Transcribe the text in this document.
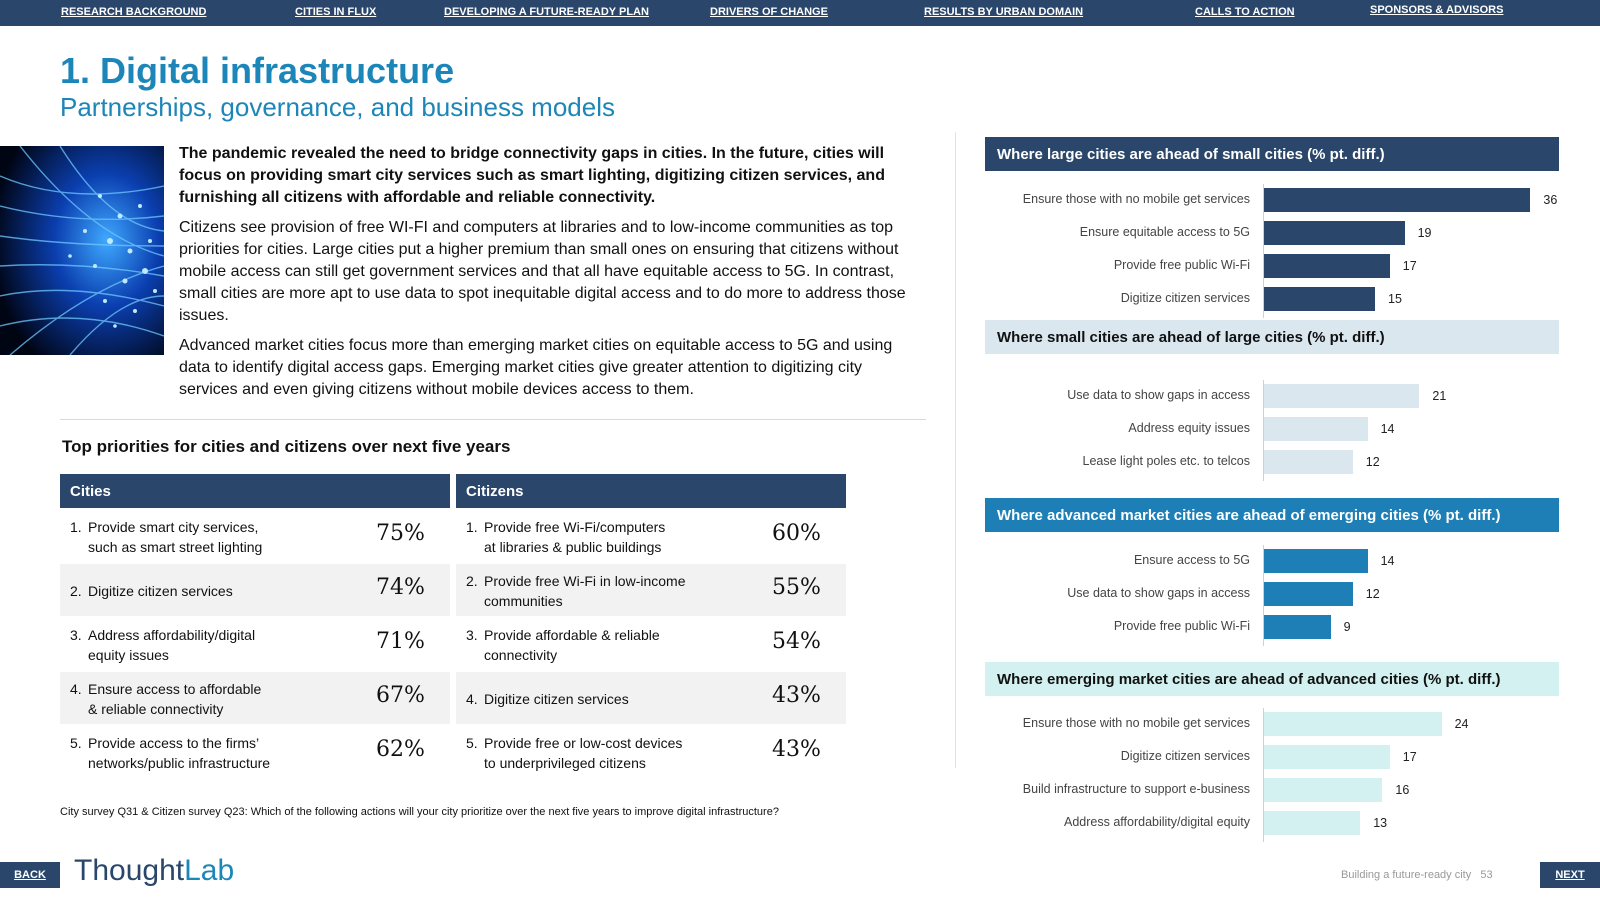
RESEARCH BACKGROUND	CITIES IN FLUX	DEVELOPING A FUTURE-READY PLAN	DRIVERS OF CHANGE	RESULTS BY URBAN DOMAIN	CALLS TO ACTION	SPONSORS & ADVISORS
1. Digital infrastructure
Partnerships, governance, and business models

The pandemic revealed the need to bridge connectivity gaps in cities. In the future, cities will focus on providing smart city services such as smart lighting, digitizing citizen services, and furnishing all citizens with affordable and reliable connectivity.

Citizens see provision of free WI-FI and computers at libraries and to low-income communities as top priorities for cities. Large cities put a higher premium than small ones on ensuring that citizens without mobile access can still get government services and that all have equitable access to 5G. In contrast, small cities are more apt to use data to spot inequitable digital access and to do more to address those issues.

Advanced market cities focus more than emerging market cities on equitable access to 5G and using data to identify digital access gaps. Emerging market cities give greater attention to digitizing city services and even giving citizens without mobile devices access to them.

Top priorities for cities and citizens over next five years
Cities
1. Provide smart city services,
such as smart street lighting
75%
2. Digitize citizen services	74%
3. Address affordability/digital
equity issues
71%
4. Ensure access to affordable
& reliable connectivity
67%
5. Provide access to the firms’
networks/public infrastructure
62%
Citizens
1. Provide free Wi-Fi/computers
at libraries & public buildings
60%
2. Provide free Wi-Fi in low-income
communities
55%
3. Provide affordable & reliable
connectivity
54%
4. Digitize citizen services	43%
5. Provide free or low-cost devices
to underprivileged citizens
43%
City survey Q31 & Citizen survey Q23: Which of the following actions will your city prioritize over the next five years to improve digital infrastructure?
Where large cities are ahead of small cities (% pt. diff.)
Ensure those with no mobile get services	36
Ensure equitable access to 5G	19
Provide free public Wi-Fi	17
Digitize citizen services	15
Where small cities are ahead of large cities (% pt. diff.)
Use data to show gaps in access	21
Address equity issues	14
Lease light poles etc. to telcos	12
Where advanced market cities are ahead of emerging cities (% pt. diff.)
Ensure access to 5G	14
Use data to show gaps in access	12
Provide free public Wi-Fi	9
Where emerging market cities are ahead of advanced cities (% pt. diff.)
Ensure those with no mobile get services	24
Digitize citizen services	17
Build infrastructure to support e-business	16
Address affordability/digital equity	13
BACK ThoughtLab	Building a future-ready city 53	NEXT
